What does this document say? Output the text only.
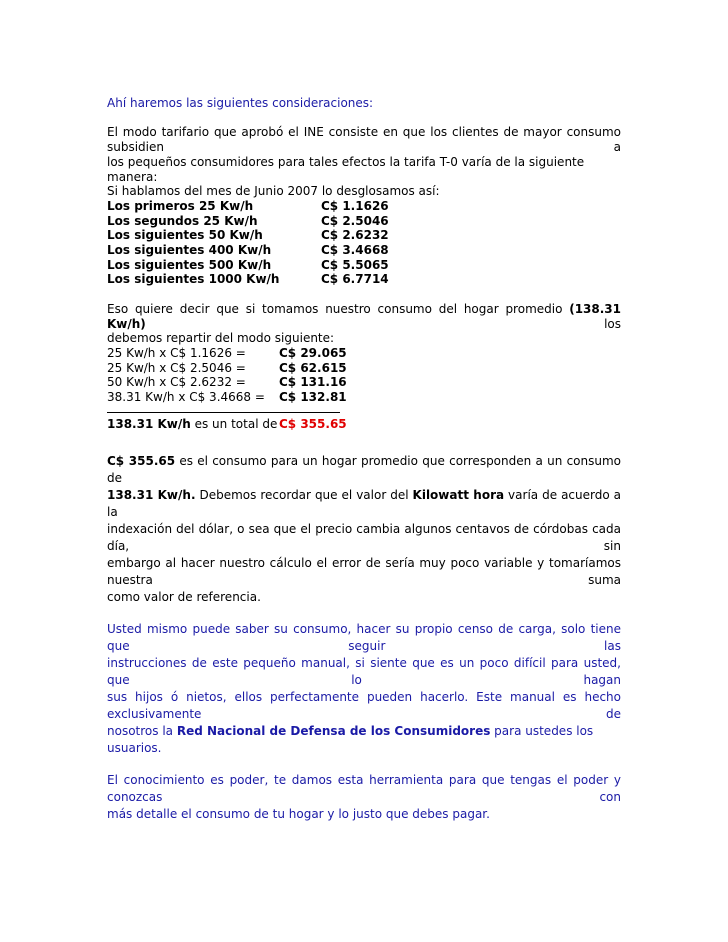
Ahí haremos las siguientes consideraciones:

El modo tarifario que aprobó el INE consiste en que los clientes de mayor consumo subsidien a

los pequeños consumidores para tales efectos la tarifa T-0 varía de la siguiente manera:

Si hablamos del mes de Junio 2007 lo desglosamos así:

Los primeros 25 Kw/h	C$ 1.1626
Los segundos 25 Kw/h	C$ 2.5046
Los siguientes 50 Kw/h	C$ 2.6232
Los siguientes 400 Kw/h	C$ 3.4668
Los siguientes 500 Kw/h	C$ 5.5065
Los siguientes 1000 Kw/h	C$ 6.7714

Eso quiere decir que si tomamos nuestro consumo del hogar promedio (138.31 Kw/h) los

debemos repartir del modo siguiente:

25 Kw/h x C$ 1.1626 =	C$ 29.065
25 Kw/h x C$ 2.5046 =	C$ 62.615
50 Kw/h x C$ 2.6232 =	C$ 131.16
38.31 Kw/h x C$ 3.4668 =	C$ 132.81
138.31 Kw/h es un total de	C$ 355.65

C$ 355.65 es el consumo para un hogar promedio que corresponden a un consumo de

138.31 Kw/h. Debemos recordar que el valor del Kilowatt hora varía de acuerdo a la

indexación del dólar, o sea que el precio cambia algunos centavos de córdobas cada día, sin

embargo al hacer nuestro cálculo el error de sería muy poco variable y tomaríamos nuestra suma

como valor de referencia.

Usted mismo puede saber su consumo, hacer su propio censo de carga, solo tiene que seguir las

instrucciones de este pequeño manual, si siente que es un poco difícil para usted, que lo hagan

sus hijos ó nietos, ellos perfectamente pueden hacerlo. Este manual es hecho exclusivamente de

nosotros la Red Nacional de Defensa de los Consumidores para ustedes los usuarios.

El conocimiento es poder, te damos esta herramienta para que tengas el poder y conozcas con

más detalle el consumo de tu hogar y lo justo que debes pagar.
